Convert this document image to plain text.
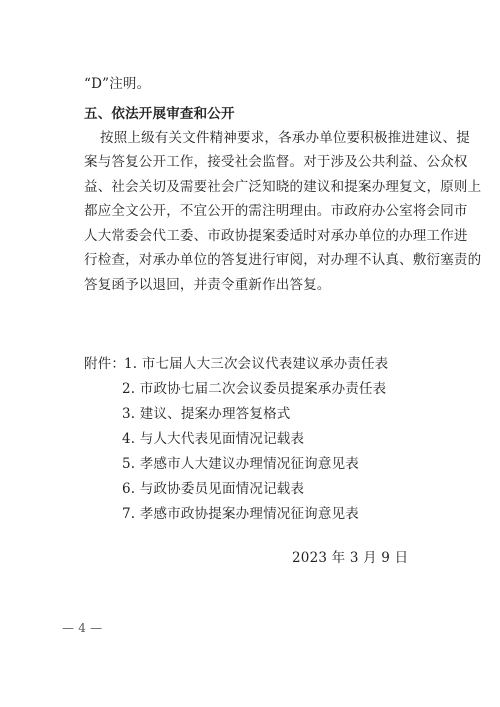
“D”注明。
五、依法开展审查和公开
按照上级有关文件精神要求，各承办单位要积极推进建议、提
案与答复公开工作，接受社会监督。对于涉及公共利益、公众权
益、社会关切及需要社会广泛知晓的建议和提案办理复文，原则上
都应全文公开，不宜公开的需注明理由。市政府办公室将会同市
人大常委会代工委、市政协提案委适时对承办单位的办理工作进
行检查，对承办单位的答复进行审阅，对办理不认真、敷衍塞责的
答复函予以退回，并责令重新作出答复。
附件：
1. 市七届人大三次会议代表建议承办责任表
2. 市政协七届二次会议委员提案承办责任表
3. 建议、提案办理答复格式
4. 与人大代表见面情况记载表
5. 孝感市人大建议办理情况征询意见表
6. 与政协委员见面情况记载表
7. 孝感市政协提案办理情况征询意见表
2023 年 3 月 9 日
— 4 —
